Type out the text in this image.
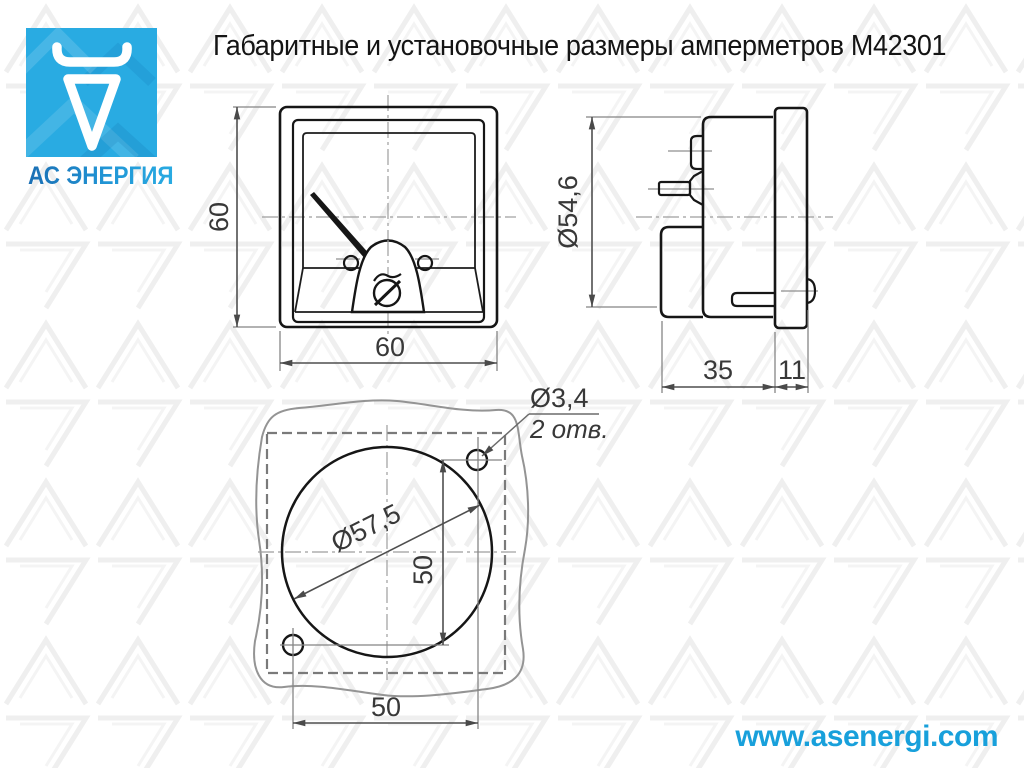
АС ЭНЕРГИЯ
Габаритные и установочные размеры амперметров М42301
www.asenergi.com
60
60
Ø54,6
35 11
Ø57,5
50
50
Ø3,4
2 отв.
